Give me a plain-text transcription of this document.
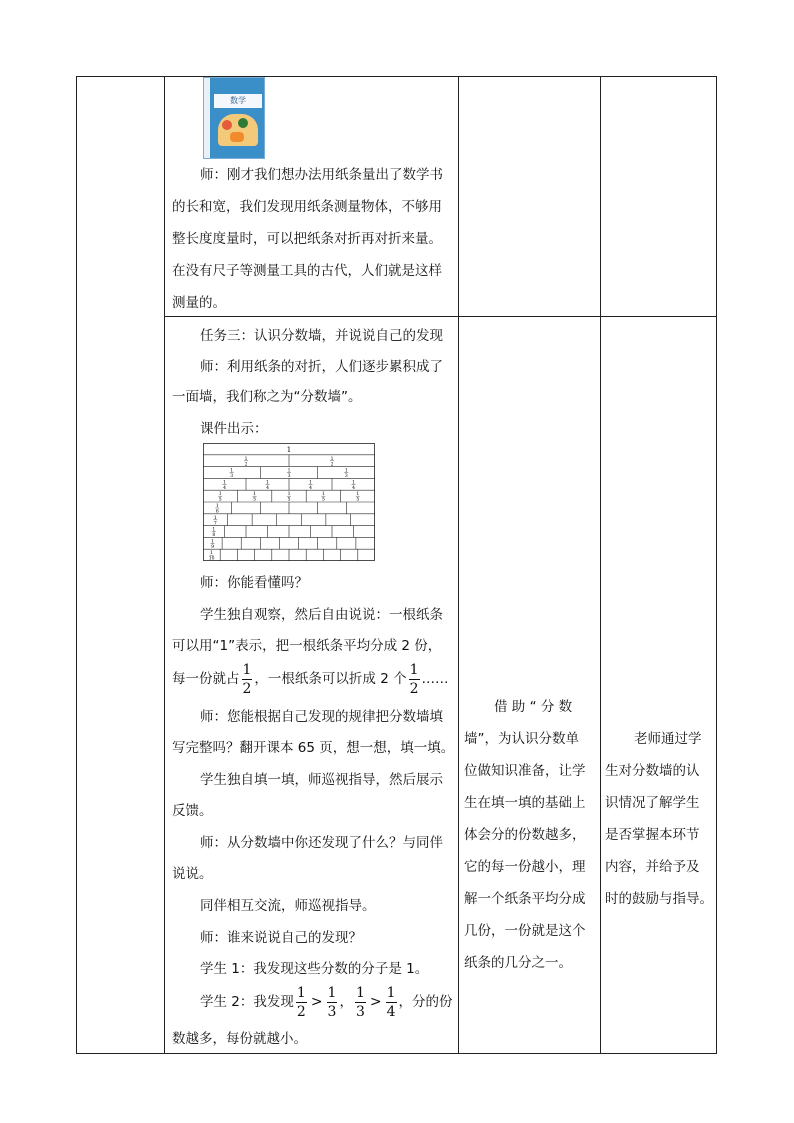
数学
师：刚才我们想办法用纸条量出了数学书
的长和宽，我们发现用纸条测量物体，不够用
整长度度量时，可以把纸条对折再对折来量。
在没有尺子等测量工具的古代，人们就是这样
测量的。
任务三：认识分数墙，并说说自己的发现
师：利用纸条的对折，人们逐步累积成了
一面墙，我们称之为“分数墙”。
课件出示：
1
1
2
1
2
1
3
1
3
1
3
1
4
1
4
1
4
1
4
1
5
1
5
1
5
1
5
1
5
1
6
1
7
1
8
1
9
1
10
师：你能看懂吗？
学生独自观察，然后自由说说：一根纸条
可以用“1”表示，把一根纸条平均分成 2 份，
每一份就占 $\frac{1}{2}$ ，一根纸条可以折成 2 个 $\frac{1}{2}$ ……
师：您能根据自己发现的规律把分数墙填
写完整吗？翻开课本 65 页，想一想，填一填。
学生独自填一填，师巡视指导，然后展示
反馈。
师：从分数墙中你还发现了什么？与同伴
说说。
同伴相互交流，师巡视指导。
师：谁来说说自己的发现？
学生 1：我发现这些分数的分子是 1。
学生 2：我发现 $\frac{1}{2} > \frac{1}{3}$ ， $\frac{1}{3} > \frac{1}{4}$ ，分的份
数越多，每份就越小。
借 助 “ 分 数
墙”，为认识分数单
位做知识准备，让学
生在填一填的基础上
体会分的份数越多，
它的每一份越小，理
解一个纸条平均分成
几份，一份就是这个
纸条的几分之一。
老师通过学
生对分数墙的认
识情况了解学生
是否掌握本环节
内容，并给予及
时的鼓励与指导。
